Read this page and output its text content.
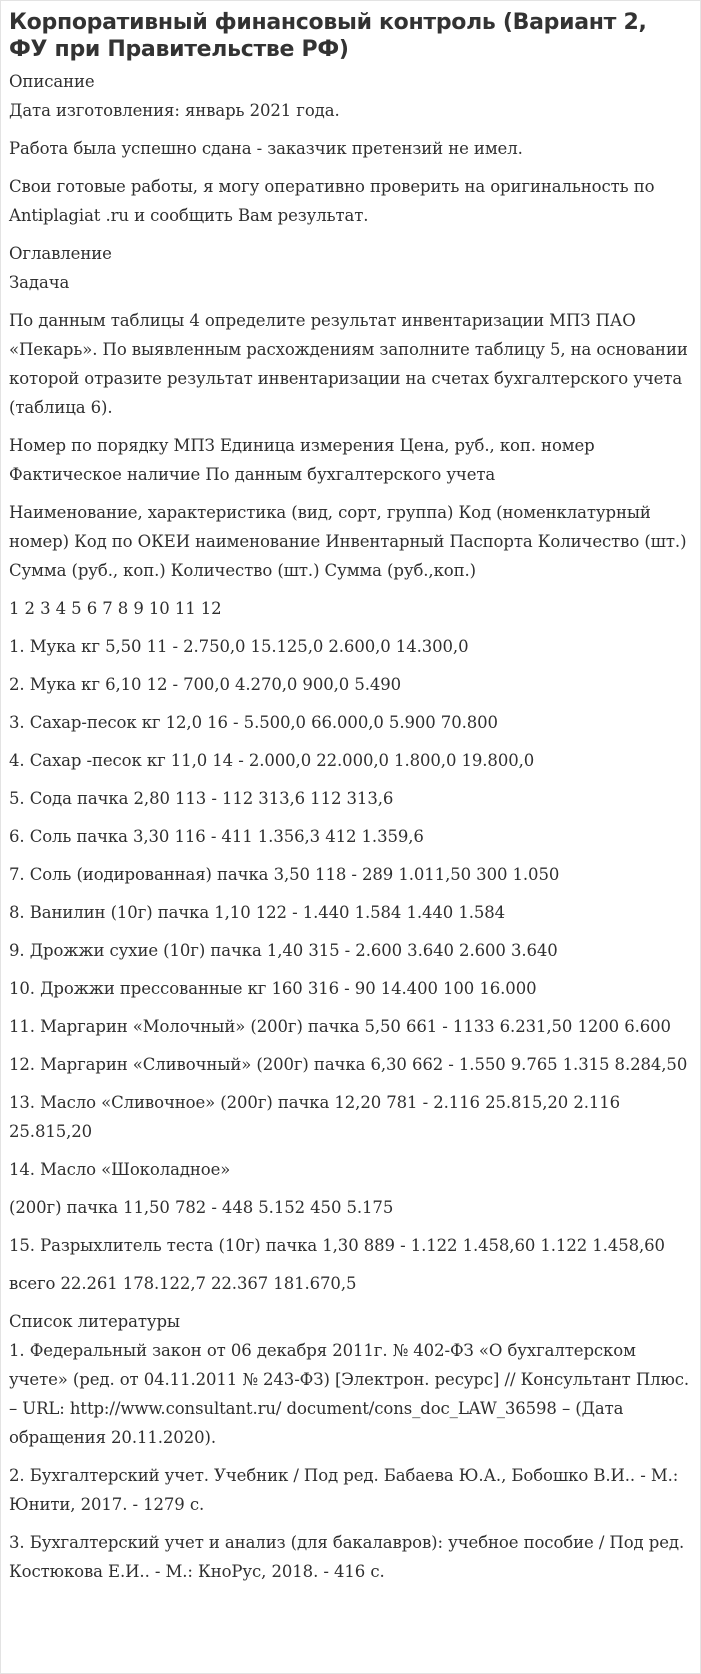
Корпоративный финансовый контроль (Вариант 2, ФУ при Правительстве РФ)
Описание
Дата изготовления: январь 2021 года.
Работа была успешно сдана - заказчик претензий не имел.
Свои готовые работы, я могу оперативно проверить на оригинальность по Antiplagiat .ru и сообщить Вам результат.
Оглавление
Задача
По данным таблицы 4 определите результат инвентаризации МПЗ ПАО «Пекарь». По выявленным расхождениям заполните таблицу 5, на основании которой отразите результат инвентаризации на счетах бухгалтерского учета (таблица 6).
Номер по порядку МПЗ Единица измерения Цена, руб., коп. номер Фактическое наличие По данным бухгалтерского учета
Наименование, характеристика (вид, сорт, группа) Код (номенклатурный номер) Код по ОКЕИ наименование Инвентарный Паспорта Количество (шт.) Сумма (руб., коп.) Количество (шт.) Сумма (руб.,коп.)
1 2 3 4 5 6 7 8 9 10 11 12
1. Мука кг 5,50 11 - 2.750,0 15.125,0 2.600,0 14.300,0
2. Мука кг 6,10 12 - 700,0 4.270,0 900,0 5.490
3. Сахар-песок кг 12,0 16 - 5.500,0 66.000,0 5.900 70.800
4. Сахар -песок кг 11,0 14 - 2.000,0 22.000,0 1.800,0 19.800,0
5. Сода пачка 2,80 113 - 112 313,6 112 313,6
6. Соль пачка 3,30 116 - 411 1.356,3 412 1.359,6
7. Соль (иодированная) пачка 3,50 118 - 289 1.011,50 300 1.050
8. Ванилин (10г) пачка 1,10 122 - 1.440 1.584 1.440 1.584
9. Дрожжи сухие (10г) пачка 1,40 315 - 2.600 3.640 2.600 3.640
10. Дрожжи прессованные кг 160 316 - 90 14.400 100 16.000
11. Маргарин «Молочный» (200г) пачка 5,50 661 - 1133 6.231,50 1200 6.600
12. Маргарин «Сливочный» (200г) пачка 6,30 662 - 1.550 9.765 1.315 8.284,50
13. Масло «Сливочное» (200г) пачка 12,20 781 - 2.116 25.815,20 2.116 25.815,20
14. Масло «Шоколадное»
(200г) пачка 11,50 782 - 448 5.152 450 5.175
15. Разрыхлитель теста (10г) пачка 1,30 889 - 1.122 1.458,60 1.122 1.458,60
всего 22.261 178.122,7 22.367 181.670,5
Список литературы
1. Федеральный закон от 06 декабря 2011г. № 402-ФЗ «О бухгалтерском учете» (ред. от 04.11.2011 № 243-ФЗ) [Электрон. ресурс] // Консультант Плюс. – URL: http://www.consultant.ru/ document/cons_doc_LAW_36598 – (Дата обращения 20.11.2020).
2. Бухгалтерский учет. Учебник / Под ред. Бабаева Ю.А., Бобошко В.И.. - М.: Юнити, 2017. - 1279 с.
3. Бухгалтерский учет и анализ (для бакалавров): учебное пособие / Под ред. Костюкова Е.И.. - М.: КноРус, 2018. - 416 с.
